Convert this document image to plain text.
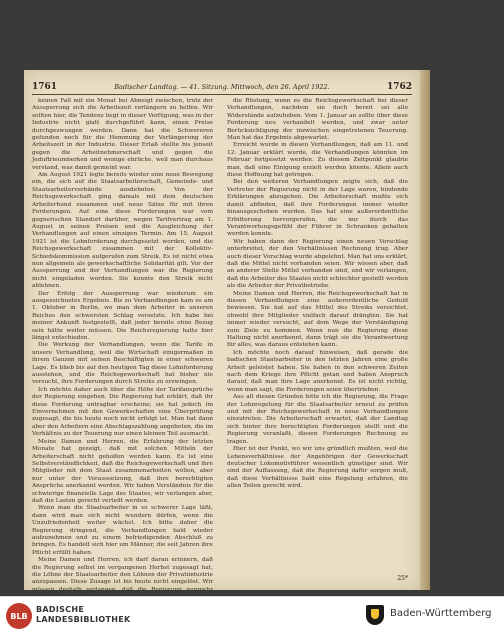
1761	Badischer Landtag. — 41. Sitzung. Mittwoch, den 26. April 1922.	1762

keinen Fall mit ein Monat bei Abneigt zwischen, trotz der Aussperrung sich die Arbeitszeit verlängern zu helfen. Wir sollten hier, die Tendenz liegt in dieser Verfügung, was in der Industrie nicht glatt durchgeführt kann, einen Preise durchgezwungen werden. Dann hat die Schwereren gefunden noch für die Hemmung der Verlängerung der Arbeitszeit in der Industrie. Dieser Erlaß stellte bis jenseit gegen die Arbeitnehmerschaft und gegen die Jeduftrieumberken und wenige ehrliche, weil man durchaus verstand, was damit gemeint war.

Am August 1921 legte bereits wieder eine neue Bewegung ein, die sich auf die Staatsarbeiterschaft, Gemeinde- und Staatsarbeiterverbände ausdehnten. Von der Reichsgewerkschaft ging damals mit dem deutschen Arbeiterbund zusammen und neue Sätze für mit ihren Forderungen. Auf eine diese Forderungen war vom gegnerischen Standort darüber, wegen Tarifvertrag am 1. August in seinen Preisen und die Ausgleichung der Verhandlungen auf einen einzigen Termin. Am 15. August 1921 ist die Lohnforderung durchgesetzt worden, und die Reichsgewerkschaft zusammen mit der Kollektiv-Schiedskommission aufgerufen zum Streik. Es ist nicht etwa nun allgemein als gewerkschaftliche Solidarität gilt. Vor der Aussperrung und der Verhandlungen war die Regierung nicht eingeladen worden. Sie konnte den Streik nicht ablehnen.

Der Erfolg der Aussperrung war wiederum ein ausgezeichnetes Ergebnis. Bis zu Verhandlungen kam es am 1. Oktober in Berlin, wo man dem Arbeiter in unseren Reiches den schwersten Schlag versetzte. Ich habe bei meiner Ankunft festgestellt, daß jeder bereits ohne Bezug sein hätte weiter müssen. Die Reichsregierung hatte hier längst entschieden.

Die Werkung der Verhandlungen, wenn die Tarife in unsere Verhandlung, weil die Wirtschaft einigermaßen in ihrem Ganzen mit seinen Beschäftigten in einer schweren Lage. Es blieb bis auf den heutigen Tag diese Lohnforderung ausstehen, und die Reichsgewerkschaft hat bisher nie versucht, ihre Forderungen durch Streiks zu erzwingen.

Ich möchte daher auch über die Höhe der Tarifansprüche der Regierung eingehen. Die Regierung hat erklärt, daß ihr diese Forderung untragbar erscheine; sie hat jedoch im Einvernehmen mit den Gewerkschaften eine Überprüfung zugesagt, die bis heute noch nicht erfolgt ist. Man hat dann aber den Arbeitern eine Abschlagszahlung angeboten, die im Verhältnis zu der Teuerung nur einen kleinen Teil ausmacht.

Meine Damen und Herren, die Erfahrung der letzten Monate hat gezeigt, daß mit solchen Mitteln der Arbeiterschaft nicht geholfen werden kann. Es ist eine Selbstverständlichkeit, daß die Reichsgewerkschaft und ihre Mitglieder mit dem Staat zusammenarbeiten wollen, aber nur unter der Voraussetzung, daß ihre berechtigten Ansprüche anerkannt werden. Wir haben Verständnis für die schwierige finanzielle Lage des Staates, wir verlangen aber, daß die Lasten gerecht verteilt werden.

Wenn man die Staatsarbeiter in so schwerer Lage läßt, dann wird man sich nicht wundern dürfen, wenn die Unzufriedenheit weiter wächst. Ich bitte daher die Regierung dringend, die Verhandlungen bald wieder aufzunehmen und zu einem befriedigenden Abschluß zu bringen. Es handelt sich hier um Männer, die seit Jahren ihre Pflicht erfüllt haben.

Meine Damen und Herren, ich darf daran erinnern, daß die Regierung selbst im vergangenen Herbst zugesagt hat, die Löhne der Staatsarbeiter den Löhnen der Privatindustrie anzupassen. Diese Zusage ist bis heute nicht eingelöst. Wir müssen deshalb verlangen, daß die Regierung nunmehr

die Rüstung, wenn es die Reichsgewerkschaft bei dieser Verhandlungen, nachdem sie doch bereit sei alle Widerstände aufzuheben. Vom 1. Januar an sollte über diese Forderung neu verhandelt werden, und zwar unter Berücksichtigung der inzwischen eingetretenen Teuerung. Man hat das Ergebnis abgewartet.

Erreicht wurde in diesen Verhandlungen, daß am 11. und 12. Januar erklärt wurde, die Verhandlungen könnten im Februar fortgesetzt werden. Zu diesem Zeitpunkt glaubte man, daß eine Einigung erzielt werden könnte. Allein auch diese Hoffnung hat getrogen.

Bei den weiteren Verhandlungen zeigte sich, daß die Vertreter der Regierung nicht in der Lage waren, bindende Erklärungen abzugeben. Die Arbeiterschaft mußte sich damit abfinden, daß ihre Forderungen immer wieder hinausgeschoben wurden. Das hat eine außerordentliche Erbitterung hervorgerufen, die nur durch das Verantwortungsgefühl der Führer in Schranken gehalten werden konnte.

Wir haben dann der Regierung einen neuen Vorschlag unterbreitet, der den Verhältnissen Rechnung trug. Aber auch dieser Vorschlag wurde abgelehnt. Man hat uns erklärt, daß die Mittel nicht vorhanden seien. Wir wissen aber, daß an anderer Stelle Mittel vorhanden sind, und wir verlangen, daß die Arbeiter des Staates nicht schlechter gestellt werden als die Arbeiter der Privatbetriebe.

Meine Damen und Herren, die Reichsgewerkschaft hat in diesen Verhandlungen eine außerordentliche Geduld bewiesen. Sie hat auf das Mittel des Streiks verzichtet, obwohl ihre Mitglieder vielfach darauf drängten. Sie hat immer wieder versucht, auf dem Wege der Verständigung zum Ziele zu kommen. Wenn nun die Regierung diese Haltung nicht anerkennt, dann trägt sie die Verantwortung für alles, was daraus entstehen kann.

Ich möchte noch darauf hinweisen, daß gerade die badischen Staatsarbeiter in den letzten Jahren eine große Arbeit geleistet haben. Sie haben in den schweren Zeiten nach dem Kriege ihre Pflicht getan und haben Anspruch darauf, daß man ihre Lage anerkennt. Es ist nicht richtig, wenn man sagt, die Forderungen seien übertrieben.

Aus all diesen Gründen bitte ich die Regierung, die Frage der Lohnregelung für die Staatsarbeiter erneut zu prüfen und mit der Reichsgewerkschaft in neue Verhandlungen einzutreten. Die Arbeiterschaft erwartet, daß der Landtag sich hinter ihre berechtigten Forderungen stellt und die Regierung veranlaßt, diesen Forderungen Rechnung zu tragen.

Hier ist der Punkt, wo wir uns gründlich mußten, weil die Lebensverhältnisse der Angehörigen der Gewerkschaft deutscher Lokomotivführer wesentlich günstiger sind. Wir sind der Auffassung, daß die Regierung dafür sorgen muß, daß diese Verhältnisse bald eine Regelung erfahren, die allen Teilen gerecht wird.

25*
BLB
BADISCHE
LANDESBIBLIOTHEK
Baden-Württemberg
